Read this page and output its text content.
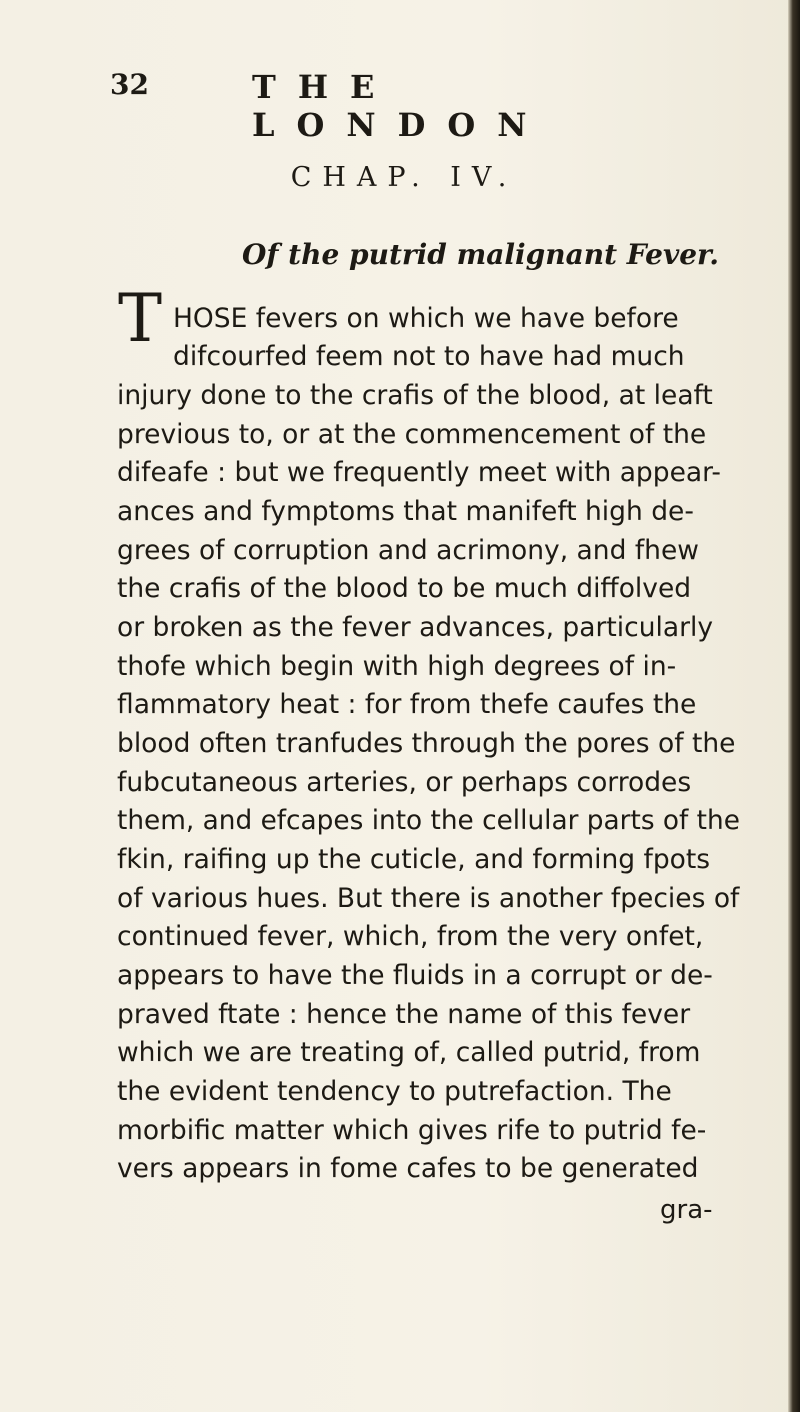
32	THE LONDON
CHAP. IV.
Of the putrid malignant Fever.
T HOSE fevers on which we have before
difcourfed feem not to have had much
injury done to the crafis of the blood, at leaft
previous to, or at the commencement of the
difeafe : but we frequently meet with appear-
ances and fymptoms that manifeft high de-
grees of corruption and acrimony, and fhew
the crafis of the blood to be much diffolved
or broken as the fever advances, particularly
thofe which begin with high degrees of in-
flammatory heat : for from thefe caufes the
blood often tranfudes through the pores of the
fubcutaneous arteries, or perhaps corrodes
them, and efcapes into the cellular parts of the
fkin, raifing up the cuticle, and forming fpots
of various hues. But there is another fpecies of
continued fever, which, from the very onfet,
appears to have the fluids in a corrupt or de-
praved ftate : hence the name of this fever
which we are treating of, called putrid, from
the evident tendency to putrefaction. The
morbific matter which gives rife to putrid fe-
vers appears in fome cafes to be generated
gra-
